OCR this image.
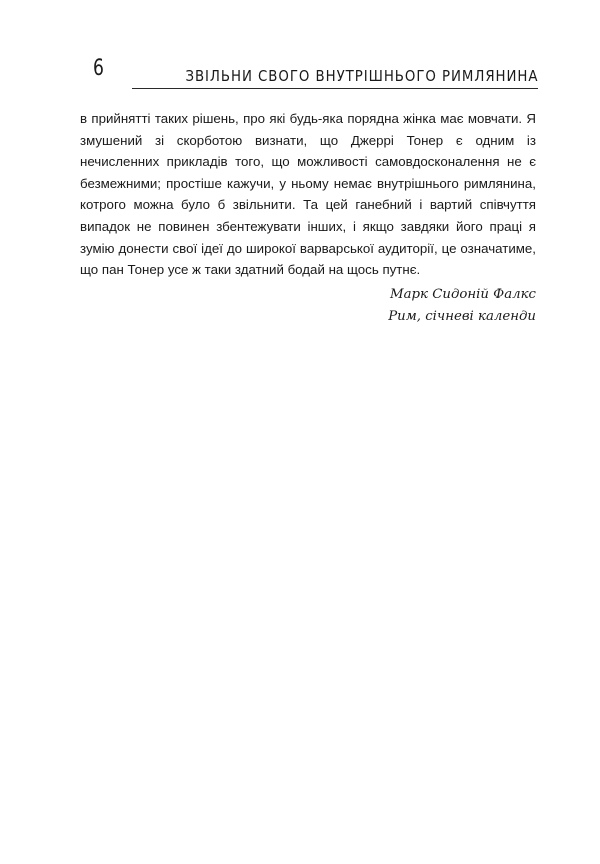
6	ЗВІЛЬНИ СВОГО ВНУТРІШНЬОГО РИМЛЯНИНА

в прийнятті таких рішень, про які будь-яка порядна жінка має мовчати. Я змушений зі скорботою визнати, що Джеррі Тонер є одним із нечисленних прикладів того, що можливості самовдосконалення не є безмежними; простіше кажучи, у ньому немає внутрішнього римлянина, котрого можна було б звільнити. Та цей ганебний і вартий співчуття випадок не повинен збентежувати інших, і якщо завдяки його праці я зумію донести свої ідеї до широкої варварської аудиторії, це означатиме, що пан Тонер усе ж таки здатний бодай на щось путнє.

Марк Сидоній Фалкс
Рим, січневі календи
